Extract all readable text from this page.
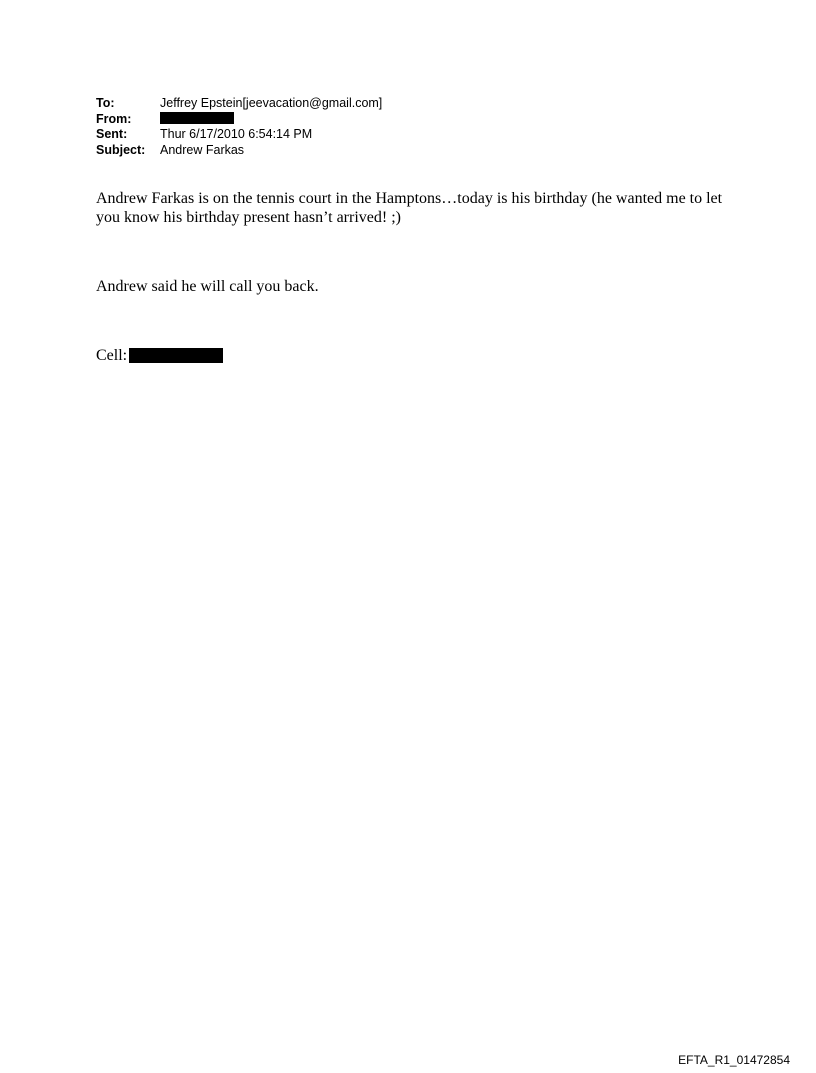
To:	Jeffrey Epstein[jeevacation@gmail.com]
From:
Sent:	Thur 6/17/2010 6:54:14 PM
Subject:	Andrew Farkas
Andrew Farkas is on the tennis court in the Hamptons…today is his birthday (he wanted me to let you know his birthday present hasn’t arrived! ;)
Andrew said he will call you back.
Cell:
EFTA_R1_01472854
